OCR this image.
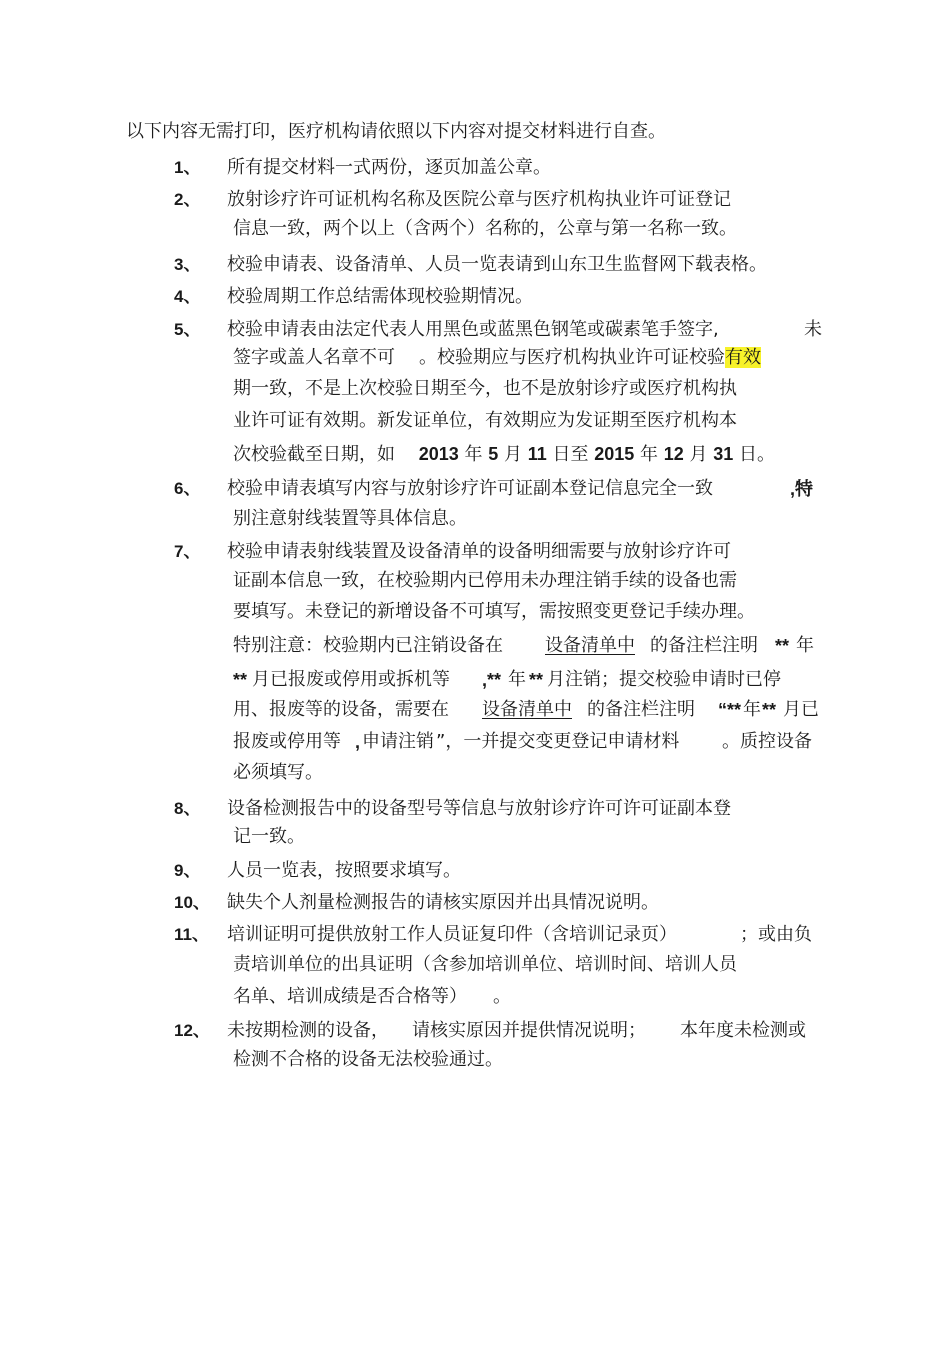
以下内容无需打印，医疗机构请依照以下内容对提交材料进行自查。
1、 所有提交材料一式两份，逐页加盖公章。
2、 放射诊疗许可证机构名称及医院公章与医疗机构执业许可证登记
信息一致，两个以上（含两个）名称的，公章与第一名称一致。
3、 校验申请表、设备清单、人员一览表请到山东卫生监督网下载表格。
4、 校验周期工作总结需体现校验期情况。
5、 校验申请表由法定代表人用黑色或蓝黑色钢笔或碳素笔手签字,	未
签字或盖人名章不可 。校验期应与医疗机构执业许可证校验有效
期一致，不是上次校验日期至今，也不是放射诊疗或医疗机构执
业许可证有效期。新发证单位，有效期应为发证期至医疗机构本
次校验截至日期，如 2013 年 5 月 11 日至 2015 年 12 月 31 日。
6、 校验申请表填写内容与放射诊疗许可证副本登记信息完全一致	,特
别注意射线装置等具体信息。
7、 校验申请表射线装置及设备清单的设备明细需要与放射诊疗许可
证副本信息一致，在校验期内已停用未办理注销手续的设备也需
要填写。未登记的新增设备不可填写，需按照变更登记手续办理。
特别注意：校验期内已注销设备在 设备清单中 的备注栏注明 ** 年
** 月已报废或停用或拆机等 ,** 年 ** 月注销；提交校验申请时已停
用、报废等的设备，需要在 设备清单中 的备注栏注明 “** 年 ** 月已
报废或停用等 , 申请注销 ”，一并提交变更登记申请材料 。质控设备
必须填写。
8、 设备检测报告中的设备型号等信息与放射诊疗许可许可证副本登
记一致。
9、 人员一览表，按照要求填写。
10、 缺失个人剂量检测报告的请核实原因并出具情况说明。
11、 培训证明可提供放射工作人员证复印件（含培训记录页）	；或由负
责培训单位的出具证明（含参加培训单位、培训时间、培训人员
名单、培训成绩是否合格等） 。
12、 未按期检测的设备， 请核实原因并提供情况说明； 本年度未检测或
检测不合格的设备无法校验通过。
